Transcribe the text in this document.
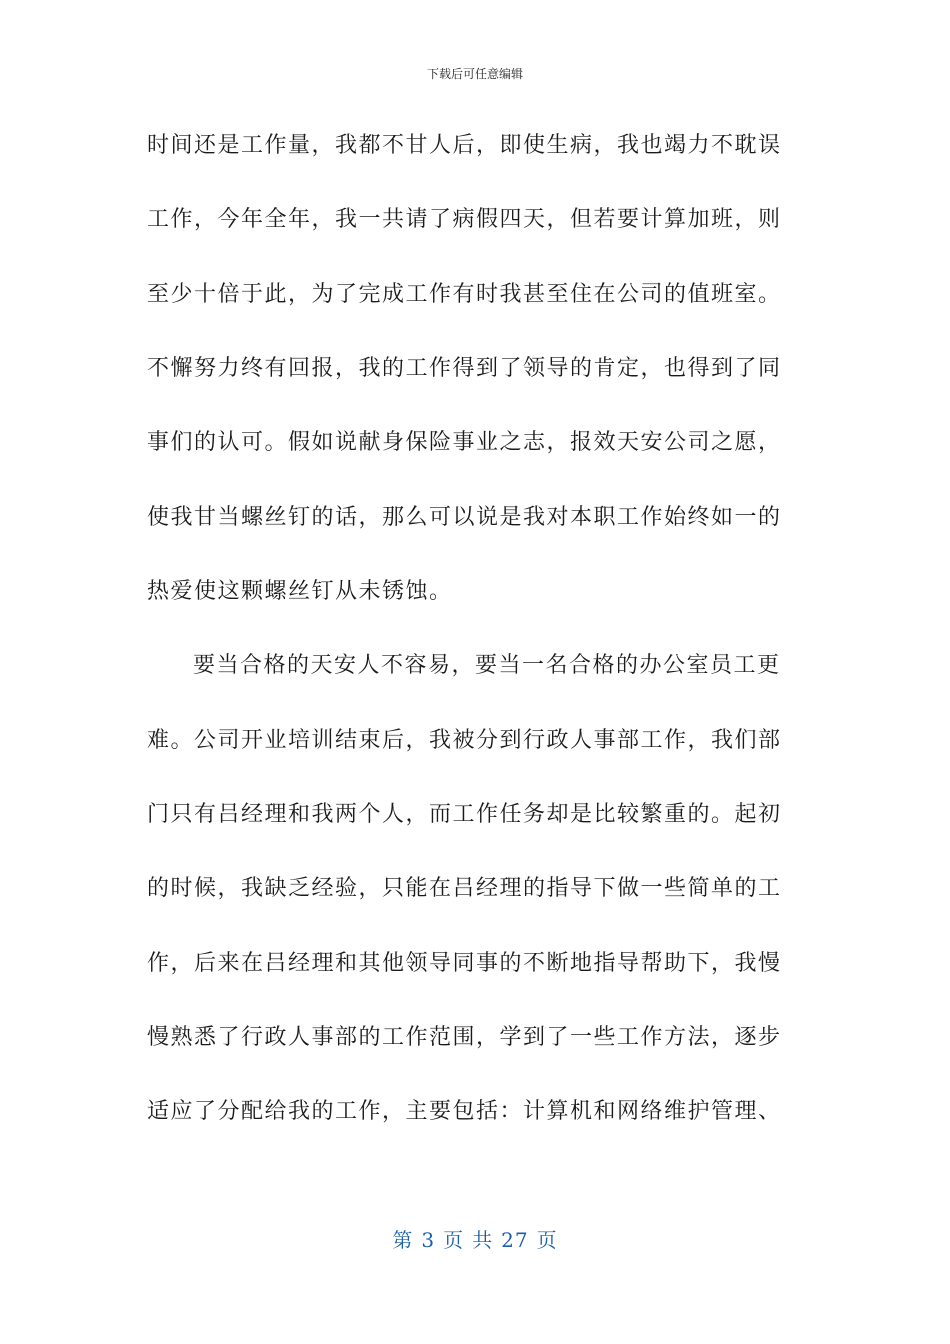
下载后可任意编辑
时间还是工作量，我都不甘人后，即使生病，我也竭力不耽误
工作，今年全年，我一共请了病假四天，但若要计算加班，则
至少十倍于此，为了完成工作有时我甚至住在公司的值班室。
不懈努力终有回报，我的工作得到了领导的肯定，也得到了同
事们的认可。假如说献身保险事业之志，报效天安公司之愿，
使我甘当螺丝钉的话，那么可以说是我对本职工作始终如一的
热爱使这颗螺丝钉从未锈蚀。
要当合格的天安人不容易，要当一名合格的办公室员工更
难。公司开业培训结束后，我被分到行政人事部工作，我们部
门只有吕经理和我两个人，而工作任务却是比较繁重的。起初
的时候，我缺乏经验，只能在吕经理的指导下做一些简单的工
作，后来在吕经理和其他领导同事的不断地指导帮助下，我慢
慢熟悉了行政人事部的工作范围，学到了一些工作方法，逐步
适应了分配给我的工作，主要包括：计算机和网络维护管理、
第 3 页 共 27 页
